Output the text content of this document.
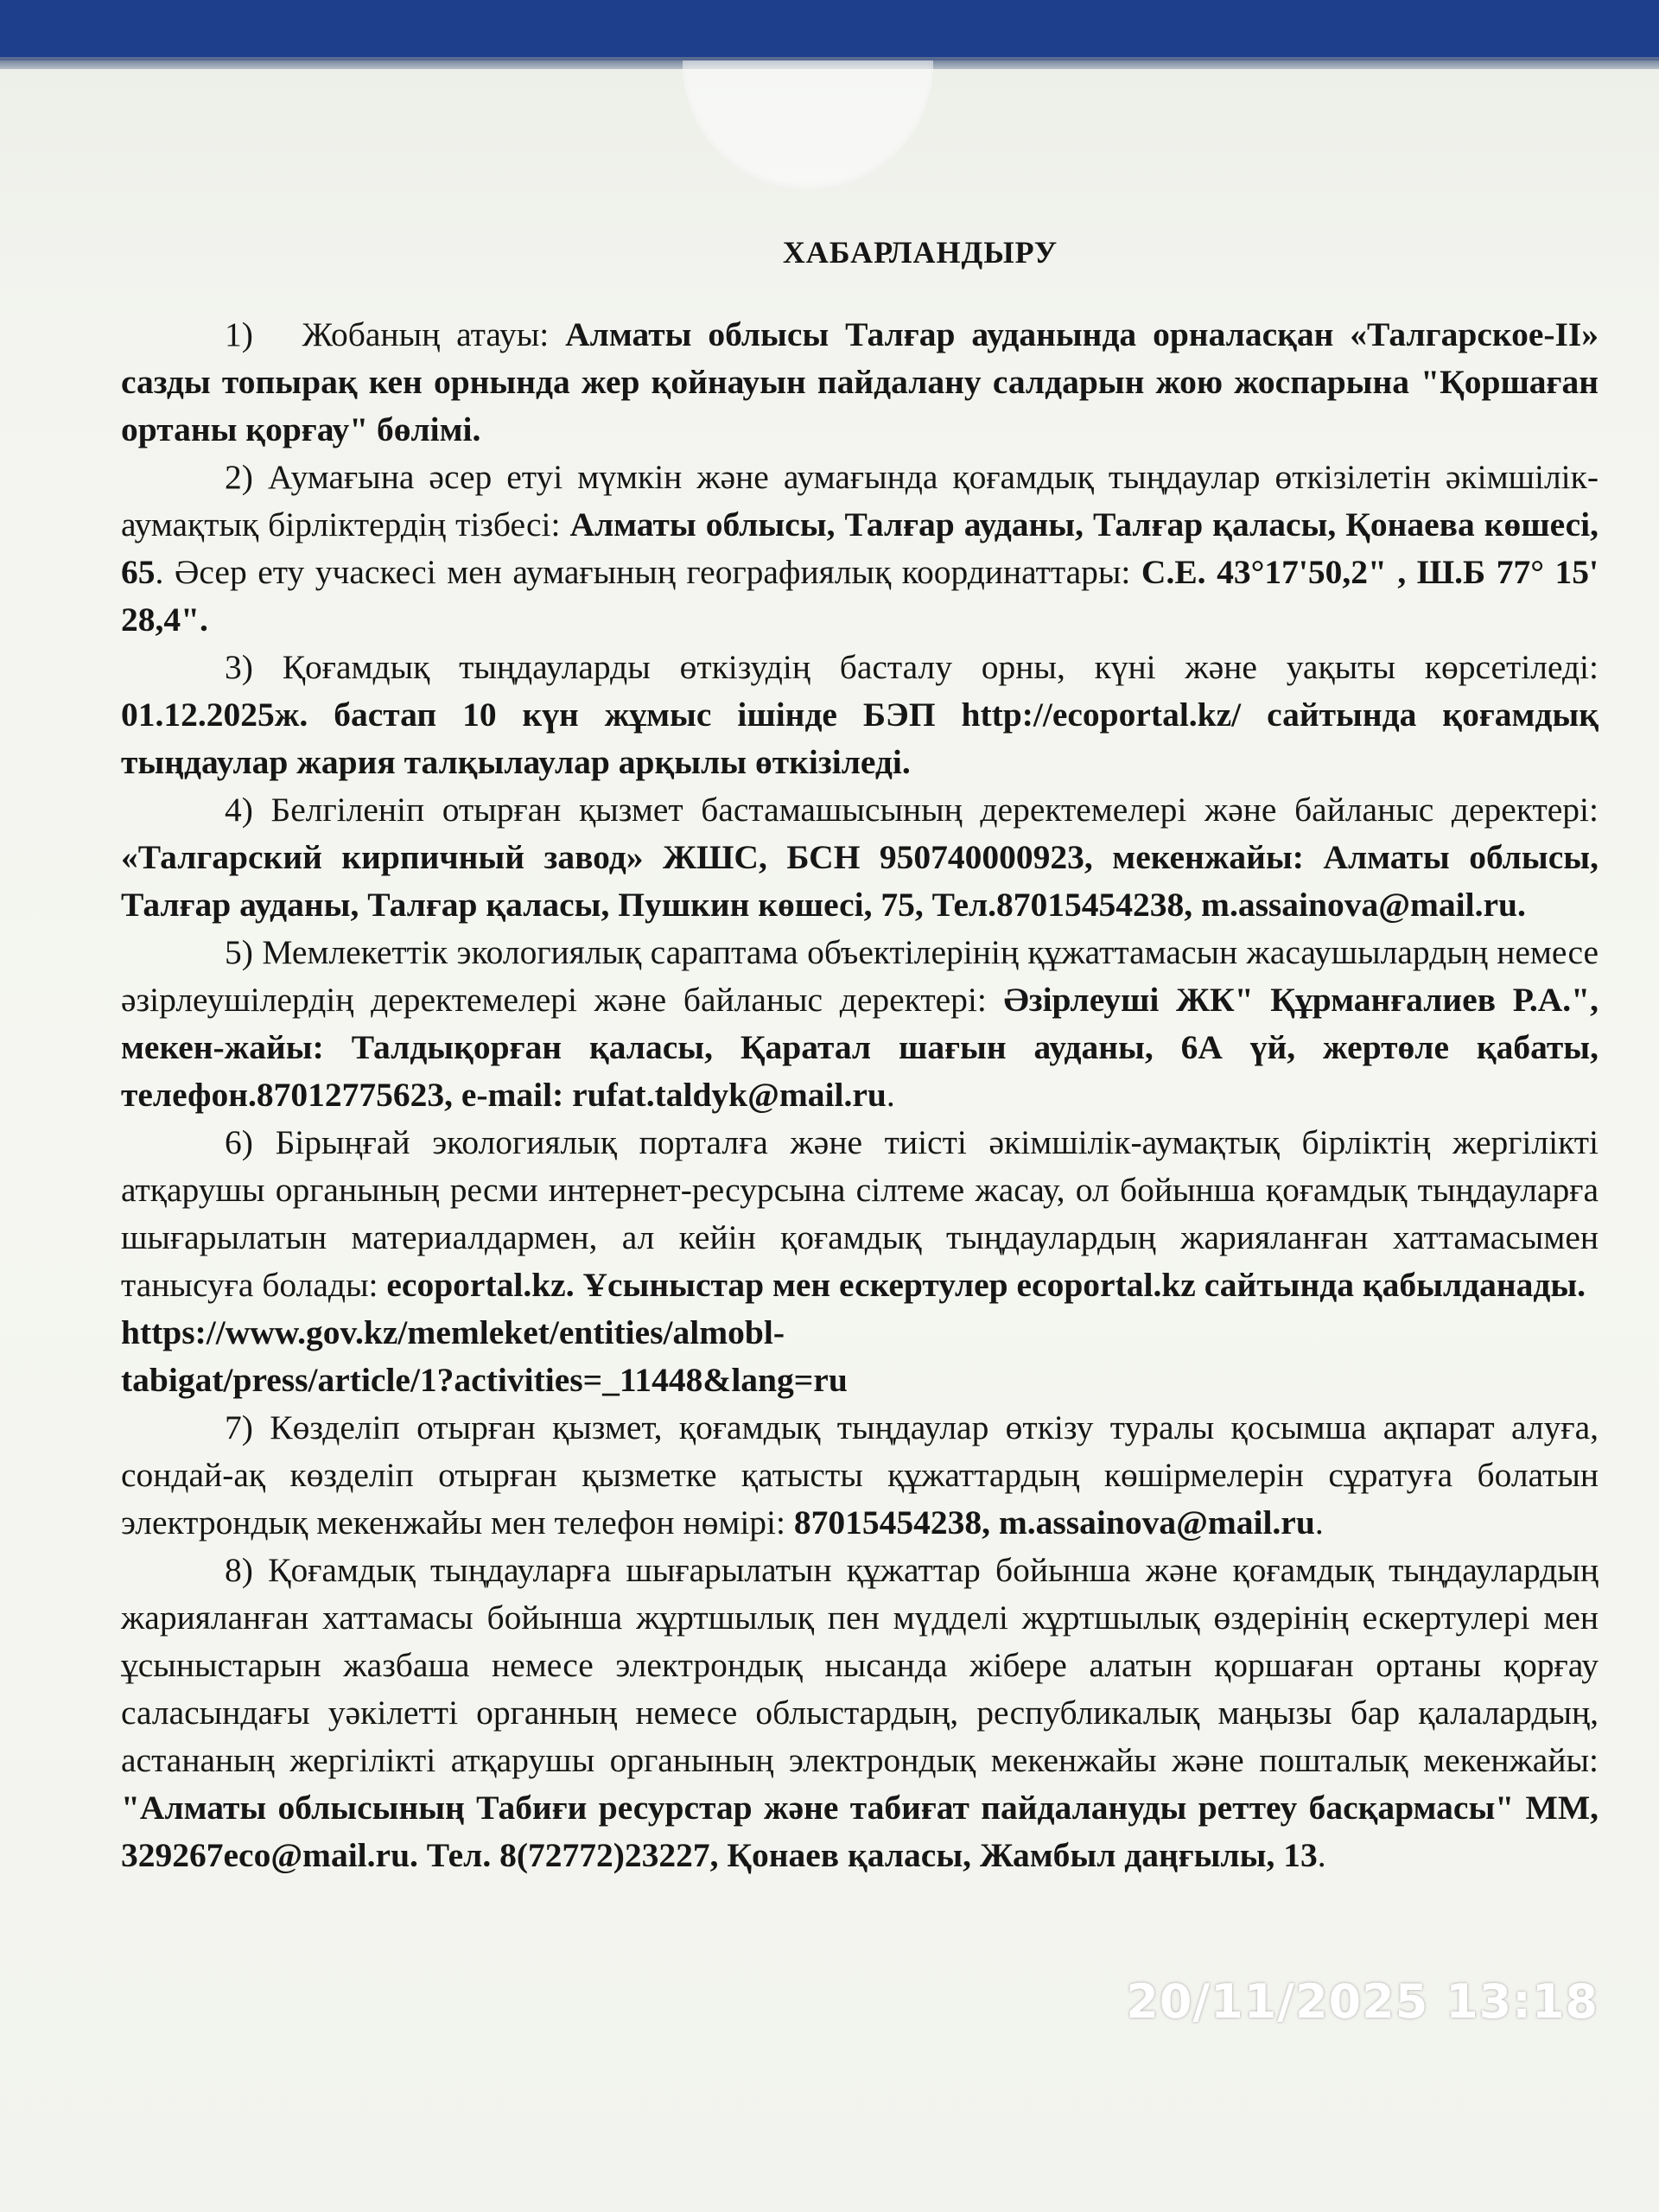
ХАБАРЛАНДЫРУ

1) Жобаның атауы: Алматы облысы Талғар ауданында орналасқан «Талгарское-II» сазды топырақ кен орнында жер қойнауын пайдалану салдарын жою жоспарына "Қоршаған ортаны қорғау" бөлімі.

2) Аумағына әсер етуі мүмкін және аумағында қоғамдық тыңдаулар өткізілетін әкімшілік-аумақтық бірліктердің тізбесі: Алматы облысы, Талғар ауданы, Талғар қаласы, Қонаева көшесі, 65. Әсер ету учаскесі мен аумағының географиялық координаттары: С.Е. 43°17'50,2" , Ш.Б 77° 15' 28,4".

3) Қоғамдық тыңдауларды өткізудің басталу орны, күні және уақыты көрсетіледі: 01.12.2025ж. бастап 10 күн жұмыс ішінде БЭП http://ecoportal.kz/ сайтында қоғамдық тыңдаулар жария талқылаулар арқылы өткізіледі.

4) Белгіленіп отырған қызмет бастамашысының деректемелері және байланыс деректері: «Талгарский кирпичный завод» ЖШС, БСН 950740000923, мекенжайы: Алматы облысы, Талғар ауданы, Талғар қаласы, Пушкин көшесі, 75, Тел.87015454238, m.assainova@mail.ru.

5) Мемлекеттік экологиялық сараптама объектілерінің құжаттамасын жасаушылардың немесе әзірлеушілердің деректемелері және байланыс деректері: Әзірлеуші ЖК" Құрманғалиев Р.А.", мекен-жайы: Талдықорған қаласы, Қаратал шағын ауданы, 6А үй, жертөле қабаты, телефон.87012775623, e-mail: rufat.taldyk@mail.ru.

6) Бірыңғай экологиялық порталға және тиісті әкімшілік-аумақтық бірліктің жергілікті атқарушы органының ресми интернет-ресурсына сілтеме жасау, ол бойынша қоғамдық тыңдауларға шығарылатын материалдармен, ал кейін қоғамдық тыңдаулардың жарияланған хаттамасымен танысуға болады: ecoportal.kz. Ұсыныстар мен ескертулер ecoportal.kz сайтында қабылданады.

https://www.gov.kz/memleket/entities/almobl-
tabigat/press/article/1?activities=_11448&lang=ru

7) Көзделіп отырған қызмет, қоғамдық тыңдаулар өткізу туралы қосымша ақпарат алуға, сондай-ақ көзделіп отырған қызметке қатысты құжаттардың көшірмелерін сұратуға болатын электрондық мекенжайы мен телефон нөмірі: 87015454238, m.assainova@mail.ru.

8) Қоғамдық тыңдауларға шығарылатын құжаттар бойынша және қоғамдық тыңдаулардың жарияланған хаттамасы бойынша жұртшылық пен мүдделі жұртшылық өздерінің ескертулері мен ұсыныстарын жазбаша немесе электрондық нысанда жібере алатын қоршаған ортаны қорғау саласындағы уәкілетті органның немесе облыстардың, республикалық маңызы бар қалалардың, астананың жергілікті атқарушы органының электрондық мекенжайы және пошталық мекенжайы: "Алматы облысының Табиғи ресурстар және табиғат пайдалануды реттеу басқармасы" ММ, 329267eco@mail.ru. Тел. 8(72772)23227, Қонаев қаласы, Жамбыл даңғылы, 13.

20/11/2025 13:18
